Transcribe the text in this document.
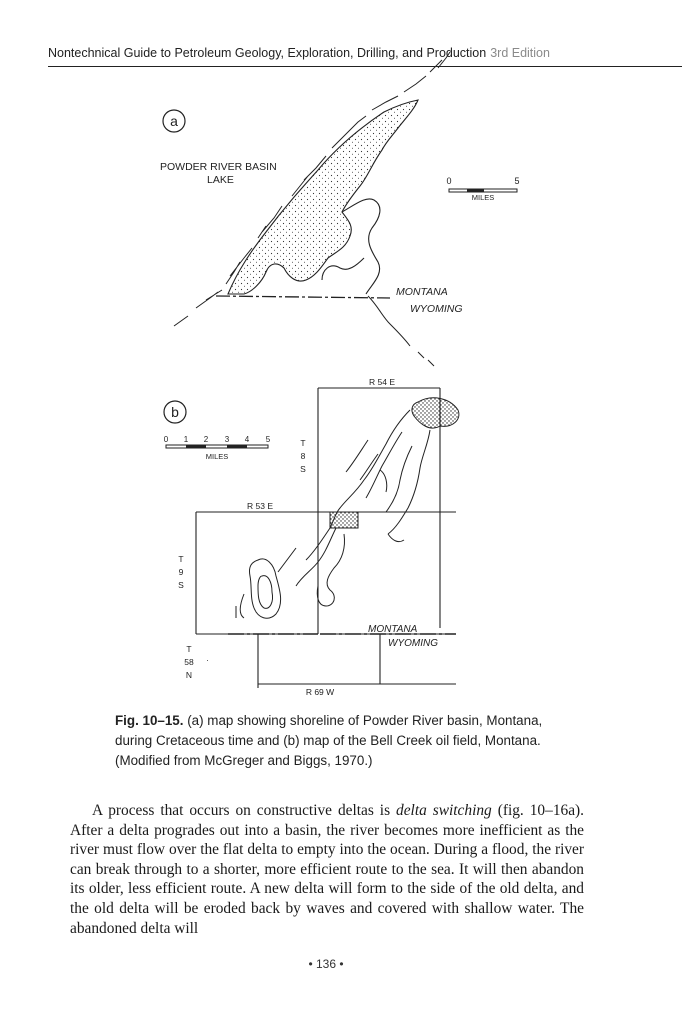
Nontechnical Guide to Petroleum Geology, Exploration, Drilling, and Production 3rd Edition
a
POWDER RIVER BASIN
LAKE
MONTANA
WYOMING
0	5
MILES
b
0 1 2 3 4 5
MILES
R 54 E
R 53 E
R 69 W
T
8
S
T
9
S
T
58
N
·
MONTANA
WYOMING
Fig. 10–15. (a) map showing shoreline of Powder River basin, Montana, during Cretaceous time and (b) map of the Bell Creek oil field, Montana. (Modified from McGreger and Biggs, 1970.)

A process that occurs on constructive deltas is delta switching (fig. 10–16a). After a delta progrades out into a basin, the river becomes more inefficient as the river must flow over the flat delta to empty into the ocean. During a flood, the river can break through to a shorter, more efficient route to the sea. It will then abandon its older, less efficient route. A new delta will form to the side of the old delta, and the old delta will be eroded back by waves and covered with shallow water. The abandoned delta will

• 136 •
